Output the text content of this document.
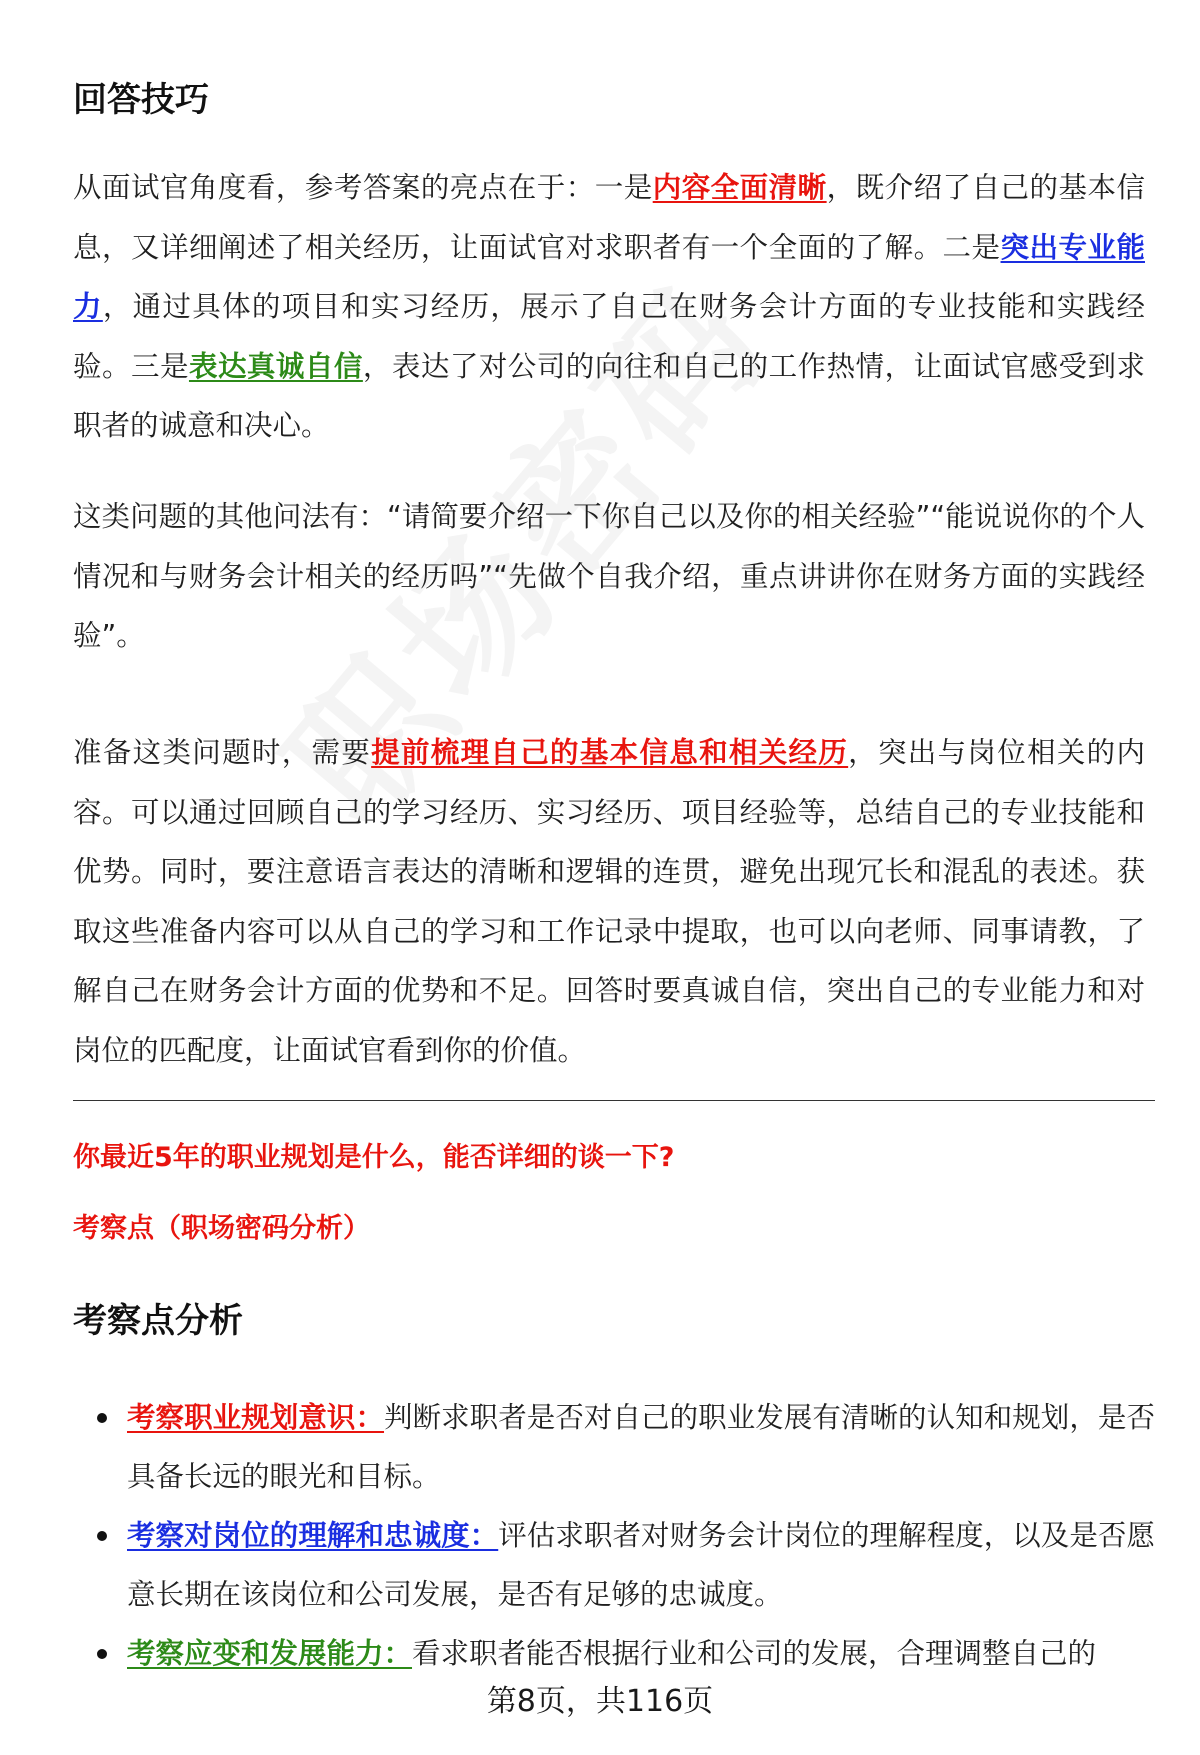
回答技巧

从面试官角度看，参考答案的亮点在于：一是内容全面清晰，既介绍了自己的基本信息，又详细阐述了相关经历，让面试官对求职者有一个全面的了解。二是突出专业能力，通过具体的项目和实习经历，展示了自己在财务会计方面的专业技能和实践经验。三是表达真诚自信，表达了对公司的向往和自己的工作热情，让面试官感受到求职者的诚意和决心。

这类问题的其他问法有：“请简要介绍一下你自己以及你的相关经验”“能说说你的个人情况和与财务会计相关的经历吗”“先做个自我介绍，重点讲讲你在财务方面的实践经验”。

准备这类问题时，需要提前梳理自己的基本信息和相关经历，突出与岗位相关的内容。可以通过回顾自己的学习经历、实习经历、项目经验等，总结自己的专业技能和优势。同时，要注意语言表达的清晰和逻辑的连贯，避免出现冗长和混乱的表述。获取这些准备内容可以从自己的学习和工作记录中提取，也可以向老师、同事请教，了解自己在财务会计方面的优势和不足。回答时要真诚自信，突出自己的专业能力和对岗位的匹配度，让面试官看到你的价值。

你最近5年的职业规划是什么，能否详细的谈一下?

考察点（职场密码分析）

考察点分析
考察职业规划意识：判断求职者是否对自己的职业发展有清晰的认知和规划，是否具备长远的眼光和目标。
考察对岗位的理解和忠诚度：评估求职者对财务会计岗位的理解程度，以及是否愿意长期在该岗位和公司发展，是否有足够的忠诚度。
考察应变和发展能力：看求职者能否根据行业和公司的发展，合理调整自己的
第8页，共116页
